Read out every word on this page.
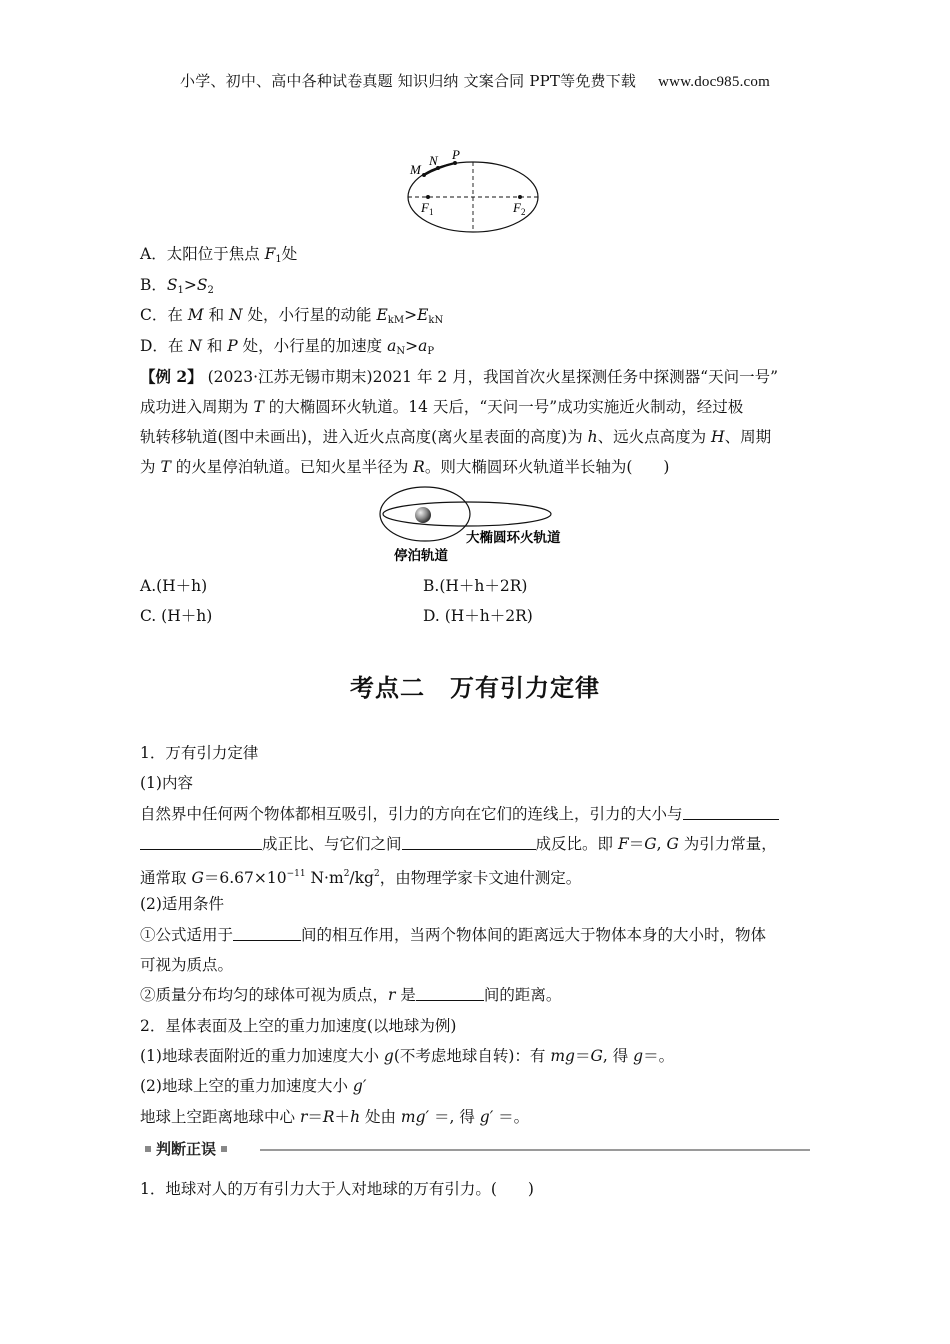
小学、初中、高中各种试卷真题 知识归纳 文案合同 PPT等免费下载 www.doc985.com
M
N P
F 1	F 2
A．太阳位于焦点 $F_1$处
B．$S_1>S_2$
C．在 M 和 N 处，小行星的动能 $E_{kM}>E_{kN}$
D．在 N 和 P 处，小行星的加速度 $a_N>a_P$
【例 2】 (2023·江苏无锡市期末)2021 年 2 月，我国首次火星探测任务中探测器“天问一号”
成功进入周期为 T 的大椭圆环火轨道。14 天后，“天问一号”成功实施近火制动，经过极
轨转移轨道(图中未画出)，进入近火点高度(离火星表面的高度)为 h、远火点高度为 H、周期
为 T 的火星停泊轨道。已知火星半径为 R。则大椭圆环火轨道半长轴为(　　)
大椭圆环火轨道
停泊轨道
A.(H＋h)	B.(H＋h＋2R)
C. (H＋h)	D. (H＋h＋2R)
考点二　万有引力定律
1．万有引力定律
(1)内容
自然界中任何两个物体都相互吸引，引力的方向在它们的连线上，引力的大小与
成正比、与它们之间	成反比。即 F＝G, G 为引力常量，
通常取 $G=6.67\times 10^{-11}$ $N\cdot m^2/kg^2$，由物理学家卡文迪什测定。
(2)适用条件
①公式适用于	间的相互作用，当两个物体间的距离远大于物体本身的大小时，物体
可视为质点。
②质量分布均匀的球体可视为质点，r 是	间的距离。
2．星体表面及上空的重力加速度(以地球为例)
(1)地球表面附近的重力加速度大小 g(不考虑地球自转)：有 mg＝G, 得 g＝。
(2)地球上空的重力加速度大小 g′
地球上空距离地球中心 r＝R＋h 处由 mg′ ＝, 得 g′ ＝。
判断正误
1．地球对人的万有引力大于人对地球的万有引力。(　　)
